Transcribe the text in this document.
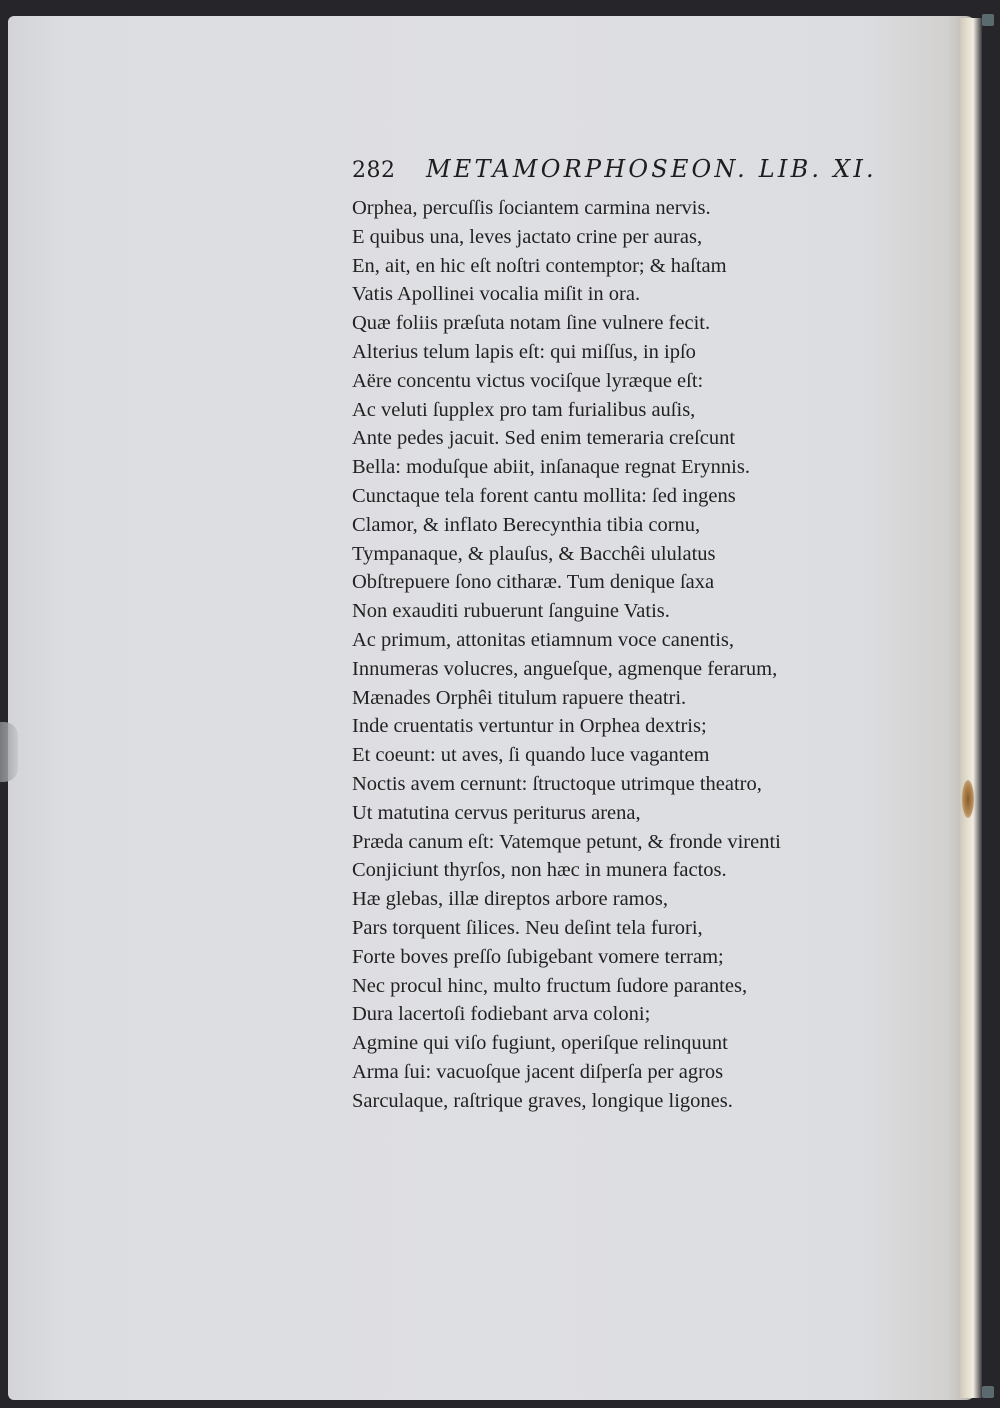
282 METAMORPHOSEON. LIB. XI.
Orphea, percuſſis ſociantem carmina nervis.
E quibus una, leves jactato crine per auras,
En, ait, en hic eſt noſtri contemptor; & haſtam
Vatis Apollinei vocalia miſit in ora.
Quæ foliis præſuta notam ſine vulnere fecit.
Alterius telum lapis eſt: qui miſſus, in ipſo
Aëre concentu victus vociſque lyræque eſt:
Ac veluti ſupplex pro tam furialibus auſis,
Ante pedes jacuit. Sed enim temeraria creſcunt
Bella: moduſque abiit, inſanaque regnat Erynnis.
Cunctaque tela forent cantu mollita: ſed ingens
Clamor, & inflato Berecynthia tibia cornu,
Tympanaque, & plauſus, & Bacchêi ululatus
Obſtrepuere ſono citharæ. Tum denique ſaxa
Non exauditi rubuerunt ſanguine Vatis.
Ac primum, attonitas etiamnum voce canentis,
Innumeras volucres, angueſque, agmenque ferarum,
Mænades Orphêi titulum rapuere theatri.
Inde cruentatis vertuntur in Orphea dextris;
Et coeunt: ut aves, ſi quando luce vagantem
Noctis avem cernunt: ſtructoque utrimque theatro,
Ut matutina cervus periturus arena,
Præda canum eſt: Vatemque petunt, & fronde virenti
Conjiciunt thyrſos, non hæc in munera factos.
Hæ glebas, illæ direptos arbore ramos,
Pars torquent ſilices. Neu deſint tela furori,
Forte boves preſſo ſubigebant vomere terram;
Nec procul hinc, multo fructum ſudore parantes,
Dura lacertoſi fodiebant arva coloni;
Agmine qui viſo fugiunt, operiſque relinquunt
Arma ſui: vacuoſque jacent diſperſa per agros
Sarculaque, raſtrique graves, longique ligones.
